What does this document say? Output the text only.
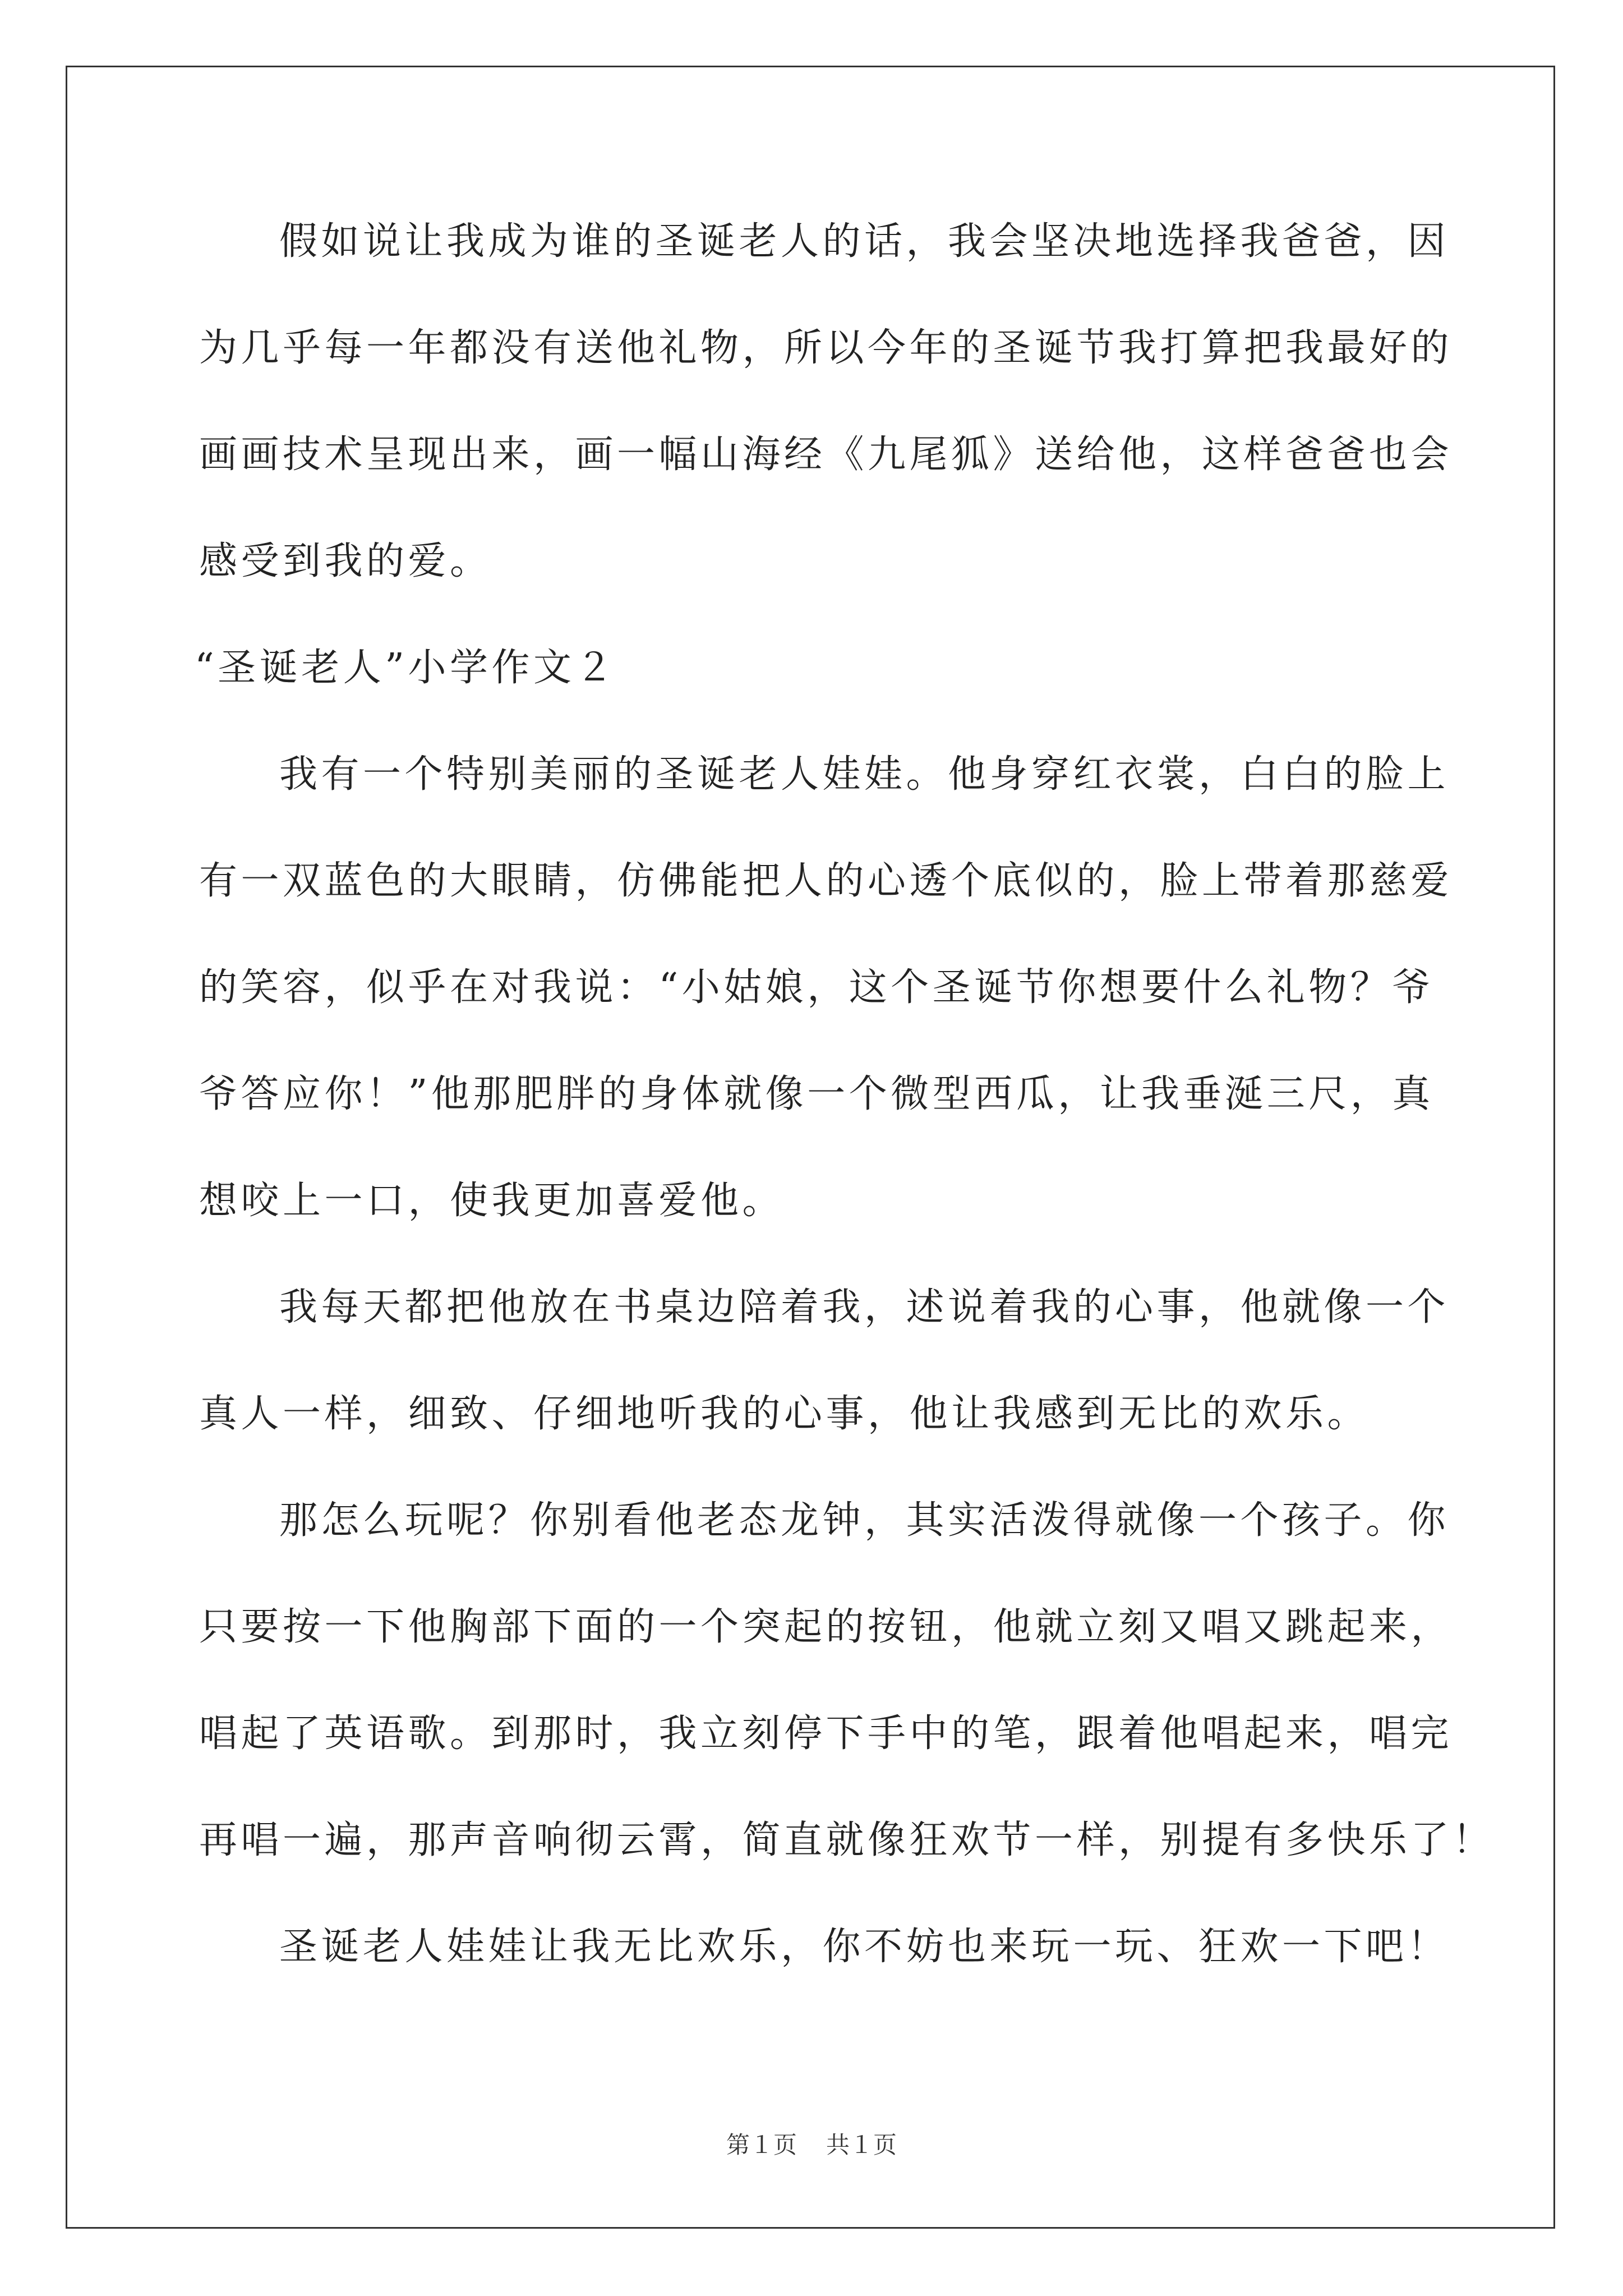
假如说让我成为谁的圣诞老人的话，我会坚决地选择我爸爸，因
为几乎每一年都没有送他礼物，所以今年的圣诞节我打算把我最好的
画画技术呈现出来，画一幅山海经《九尾狐》送给他，这样爸爸也会
感受到我的爱。
“圣诞老人”小学作文２
我有一个特别美丽的圣诞老人娃娃。他身穿红衣裳，白白的脸上
有一双蓝色的大眼睛，仿佛能把人的心透个底似的，脸上带着那慈爱
的笑容，似乎在对我说：“小姑娘，这个圣诞节你想要什么礼物？爷
爷答应你！”他那肥胖的身体就像一个微型西瓜，让我垂涎三尺，真
想咬上一口，使我更加喜爱他。
我每天都把他放在书桌边陪着我，述说着我的心事，他就像一个
真人一样，细致、仔细地听我的心事，他让我感到无比的欢乐。
那怎么玩呢？你别看他老态龙钟，其实活泼得就像一个孩子。你
只要按一下他胸部下面的一个突起的按钮，他就立刻又唱又跳起来，
唱起了英语歌。到那时，我立刻停下手中的笔，跟着他唱起来，唱完
再唱一遍，那声音响彻云霄，简直就像狂欢节一样，别提有多快乐了！
圣诞老人娃娃让我无比欢乐，你不妨也来玩一玩、狂欢一下吧！
第１页 共１页
